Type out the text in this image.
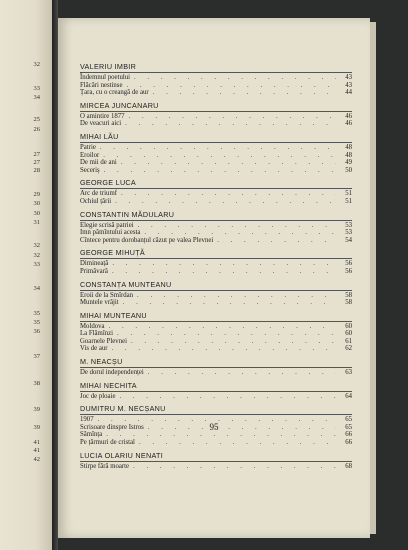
32
33
34
25
26
27
27
28
29
30
30
31
32
32
33
34
35
35
36
37
38
39
39
41
41
42
VALERIU IMBIR
Îndemnul poetului . . .	43
Flăcări nestinse . . .	43
Țara, cu o creangă de aur . . .	44
MIRCEA JUNCANARU
O amintire 1877 . . .	46
De veacuri aici . . .	46
MIHAI LĂU
Patrie . . .	48
Eroilor . . .	48
De mii de ani . . .	49
Seceriș . . .	50
GEORGE LUCA
Arc de triumf . . .	51
Ochiul țării . . .	51
CONSTANTIN MĂDULARU
Elegie scrisă patriei . . .	53
Imn pămîntului acesta . . .	53
Cîntece pentru dorobanțul căzut pe valea Plevnei . . .	54
GEORGE MIHUȚĂ
Dimineață . . .	56
Primăvară . . .	56
CONSTANȚA MUNTEANU
Eroii de la Smîrdan . . .	58
Muntele vrăjit . . .	58
MIHAI MUNTEANU
Moldova . . .	60
La Flămînzi . . .	60
Goarnele Plevnei . . .	61
Vis de aur . . .	62
M. NEACȘU
De dorul independenței . . .	63
MIHAI NECHITA
Joc de ploaie . . .	64
DUMITRU M. NECȘANU
1907 . . .	65
Scrisoare dinspre Istros . . .	65
Sămînța . . .	66
Pe țărmuri de cristal . . .	66
LUCIA OLARIU NENATI
Stirpe fără moarte . . .	68
95
